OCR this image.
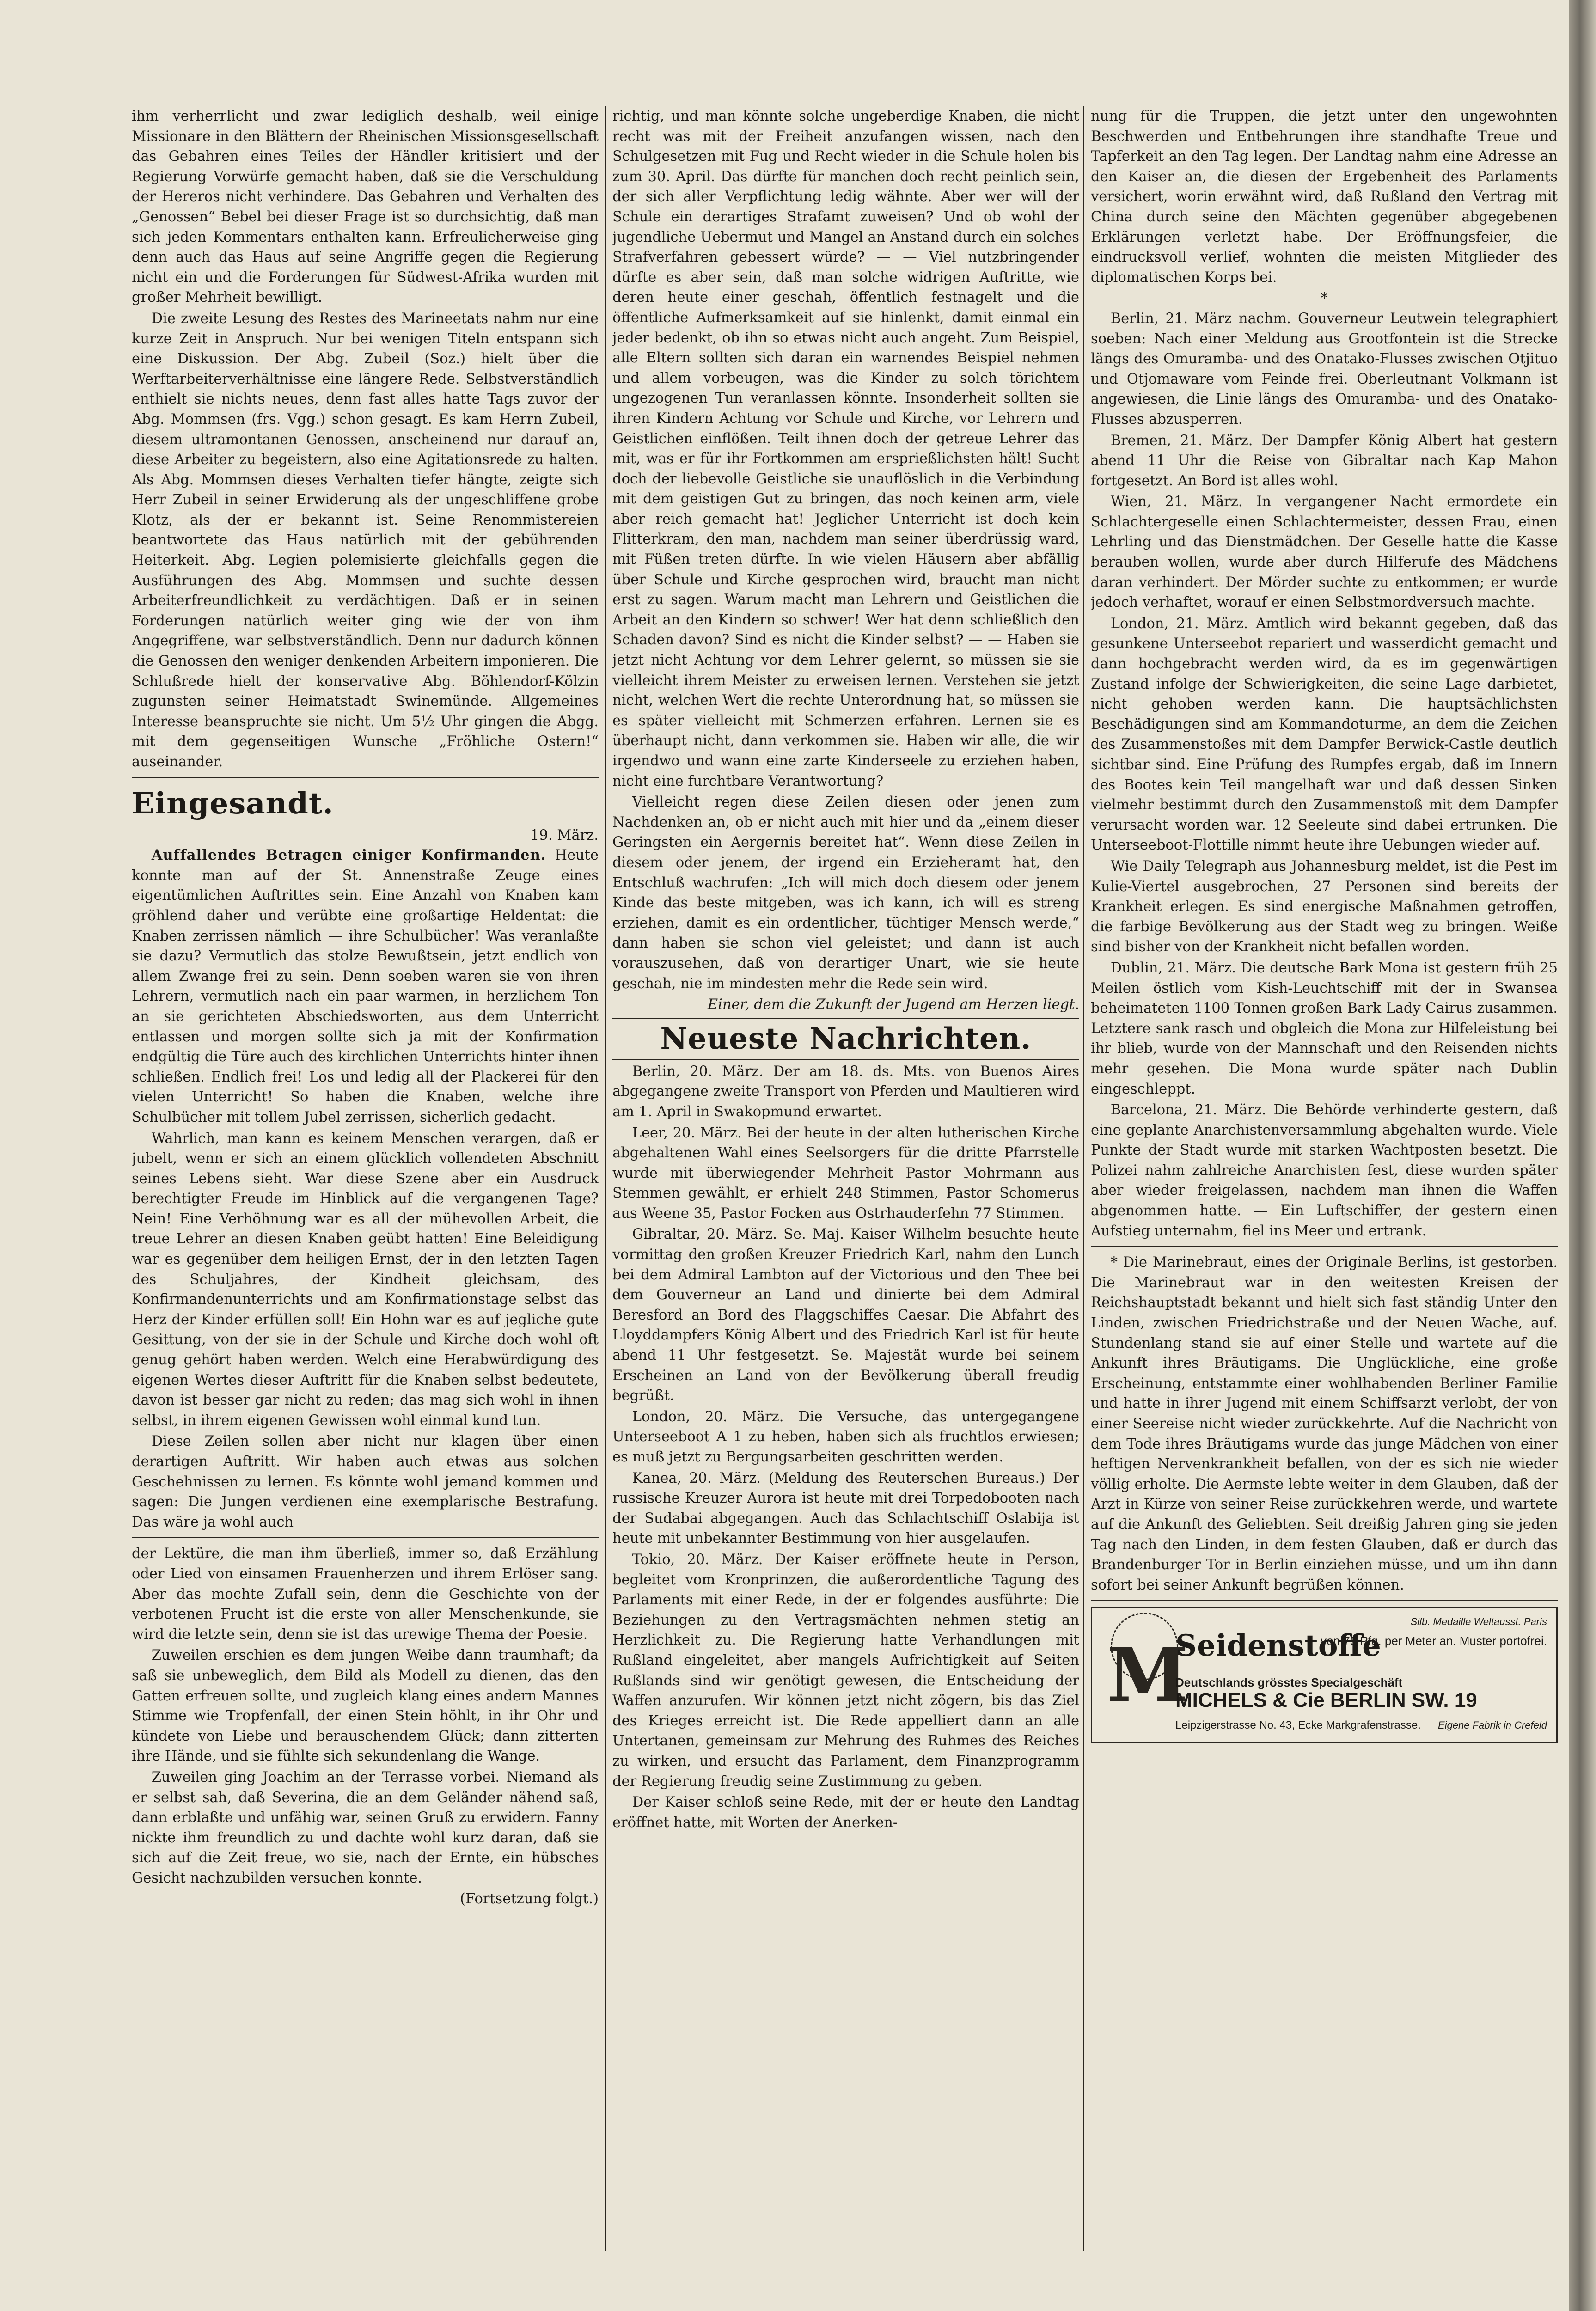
ihm verherrlicht und zwar lediglich deshalb, weil einige Missionare in den Blättern der Rheinischen Missionsgesellschaft das Gebahren eines Teiles der Händler kritisiert und der Regierung Vorwürfe gemacht haben, daß sie die Verschuldung der Hereros nicht verhindere. Das Gebahren und Verhalten des „Genossen“ Bebel bei dieser Frage ist so durchsichtig, daß man sich jeden Kommentars enthalten kann. Erfreulicherweise ging denn auch das Haus auf seine Angriffe gegen die Regierung nicht ein und die Forderungen für Südwest-Afrika wurden mit großer Mehrheit bewilligt.

Die zweite Lesung des Restes des Marineetats nahm nur eine kurze Zeit in Anspruch. Nur bei wenigen Titeln entspann sich eine Diskussion. Der Abg. Zubeil (Soz.) hielt über die Werftarbeiterverhältnisse eine längere Rede. Selbstverständlich enthielt sie nichts neues, denn fast alles hatte Tags zuvor der Abg. Mommsen (frs. Vgg.) schon gesagt. Es kam Herrn Zubeil, diesem ultramontanen Genossen, anscheinend nur darauf an, diese Arbeiter zu begeistern, also eine Agitationsrede zu halten. Als Abg. Mommsen dieses Verhalten tiefer hängte, zeigte sich Herr Zubeil in seiner Erwiderung als der ungeschliffene grobe Klotz, als der er bekannt ist. Seine Renommistereien beantwortete das Haus natürlich mit der gebührenden Heiterkeit. Abg. Legien polemisierte gleichfalls gegen die Ausführungen des Abg. Mommsen und suchte dessen Arbeiterfreundlichkeit zu verdächtigen. Daß er in seinen Forderungen natürlich weiter ging wie der von ihm Angegriffene, war selbstverständlich. Denn nur dadurch können die Genossen den weniger denkenden Arbeitern imponieren. Die Schlußrede hielt der konservative Abg. Böhlendorf-Kölzin zugunsten seiner Heimatstadt Swinemünde. Allgemeines Interesse beanspruchte sie nicht. Um 5½ Uhr gingen die Abgg. mit dem gegenseitigen Wunsche „Fröhliche Ostern!“ auseinander.

Eingesandt.
19. März.

Auffallendes Betragen einiger Konfirmanden. Heute konnte man auf der St. Annenstraße Zeuge eines eigentümlichen Auftrittes sein. Eine Anzahl von Knaben kam gröhlend daher und verübte eine großartige Heldentat: die Knaben zerrissen nämlich — ihre Schulbücher! Was veranlaßte sie dazu? Vermutlich das stolze Bewußtsein, jetzt endlich von allem Zwange frei zu sein. Denn soeben waren sie von ihren Lehrern, vermutlich nach ein paar warmen, in herzlichem Ton an sie gerichteten Abschiedsworten, aus dem Unterricht entlassen und morgen sollte sich ja mit der Konfirmation endgültig die Türe auch des kirchlichen Unterrichts hinter ihnen schließen. Endlich frei! Los und ledig all der Plackerei für den vielen Unterricht! So haben die Knaben, welche ihre Schulbücher mit tollem Jubel zerrissen, sicherlich gedacht.

Wahrlich, man kann es keinem Menschen verargen, daß er jubelt, wenn er sich an einem glücklich vollendeten Abschnitt seines Lebens sieht. War diese Szene aber ein Ausdruck berechtigter Freude im Hinblick auf die vergangenen Tage? Nein! Eine Verhöhnung war es all der mühevollen Arbeit, die treue Lehrer an diesen Knaben geübt hatten! Eine Beleidigung war es gegenüber dem heiligen Ernst, der in den letzten Tagen des Schuljahres, der Kindheit gleichsam, des Konfirmandenunterrichts und am Konfirmationstage selbst das Herz der Kinder erfüllen soll! Ein Hohn war es auf jegliche gute Gesittung, von der sie in der Schule und Kirche doch wohl oft genug gehört haben werden. Welch eine Herabwürdigung des eigenen Wertes dieser Auftritt für die Knaben selbst bedeutete, davon ist besser gar nicht zu reden; das mag sich wohl in ihnen selbst, in ihrem eigenen Gewissen wohl einmal kund tun.

Diese Zeilen sollen aber nicht nur klagen über einen derartigen Auftritt. Wir haben auch etwas aus solchen Geschehnissen zu lernen. Es könnte wohl jemand kommen und sagen: Die Jungen verdienen eine exemplarische Bestrafung. Das wäre ja wohl auch

der Lektüre, die man ihm überließ, immer so, daß Erzählung oder Lied von einsamen Frauenherzen und ihrem Erlöser sang. Aber das mochte Zufall sein, denn die Geschichte von der verbotenen Frucht ist die erste von aller Menschenkunde, sie wird die letzte sein, denn sie ist das urewige Thema der Poesie.

Zuweilen erschien es dem jungen Weibe dann traumhaft; da saß sie unbeweglich, dem Bild als Modell zu dienen, das den Gatten erfreuen sollte, und zugleich klang eines andern Mannes Stimme wie Tropfenfall, der einen Stein höhlt, in ihr Ohr und kündete von Liebe und berauschendem Glück; dann zitterten ihre Hände, und sie fühlte sich sekundenlang die Wange.

Zuweilen ging Joachim an der Terrasse vorbei. Niemand als er selbst sah, daß Severina, die an dem Geländer nähend saß, dann erblaßte und unfähig war, seinen Gruß zu erwidern. Fanny nickte ihm freundlich zu und dachte wohl kurz daran, daß sie sich auf die Zeit freue, wo sie, nach der Ernte, ein hübsches Gesicht nachzubilden versuchen konnte.

(Fortsetzung folgt.)

richtig, und man könnte solche ungeberdige Knaben, die nicht recht was mit der Freiheit anzufangen wissen, nach den Schulgesetzen mit Fug und Recht wieder in die Schule holen bis zum 30. April. Das dürfte für manchen doch recht peinlich sein, der sich aller Verpflichtung ledig wähnte. Aber wer will der Schule ein derartiges Strafamt zuweisen? Und ob wohl der jugendliche Uebermut und Mangel an Anstand durch ein solches Strafverfahren gebessert würde? — — Viel nutzbringender dürfte es aber sein, daß man solche widrigen Auftritte, wie deren heute einer geschah, öffentlich festnagelt und die öffentliche Aufmerksamkeit auf sie hinlenkt, damit einmal ein jeder bedenkt, ob ihn so etwas nicht auch angeht. Zum Beispiel, alle Eltern sollten sich daran ein warnendes Beispiel nehmen und allem vorbeugen, was die Kinder zu solch törichtem ungezogenen Tun veranlassen könnte. Insonderheit sollten sie ihren Kindern Achtung vor Schule und Kirche, vor Lehrern und Geistlichen einflößen. Teilt ihnen doch der getreue Lehrer das mit, was er für ihr Fortkommen am ersprießlichsten hält! Sucht doch der liebevolle Geistliche sie unauflöslich in die Verbindung mit dem geistigen Gut zu bringen, das noch keinen arm, viele aber reich gemacht hat! Jeglicher Unterricht ist doch kein Flitterkram, den man, nachdem man seiner überdrüssig ward, mit Füßen treten dürfte. In wie vielen Häusern aber abfällig über Schule und Kirche gesprochen wird, braucht man nicht erst zu sagen. Warum macht man Lehrern und Geistlichen die Arbeit an den Kindern so schwer! Wer hat denn schließlich den Schaden davon? Sind es nicht die Kinder selbst? — — Haben sie jetzt nicht Achtung vor dem Lehrer gelernt, so müssen sie sie vielleicht ihrem Meister zu erweisen lernen. Verstehen sie jetzt nicht, welchen Wert die rechte Unterordnung hat, so müssen sie es später vielleicht mit Schmerzen erfahren. Lernen sie es überhaupt nicht, dann verkommen sie. Haben wir alle, die wir irgendwo und wann eine zarte Kinderseele zu erziehen haben, nicht eine furchtbare Verantwortung?

Vielleicht regen diese Zeilen diesen oder jenen zum Nachdenken an, ob er nicht auch mit hier und da „einem dieser Geringsten ein Aergernis bereitet hat“. Wenn diese Zeilen in diesem oder jenem, der irgend ein Erzieheramt hat, den Entschluß wachrufen: „Ich will mich doch diesem oder jenem Kinde das beste mitgeben, was ich kann, ich will es streng erziehen, damit es ein ordentlicher, tüchtiger Mensch werde,“ dann haben sie schon viel geleistet; und dann ist auch vorauszusehen, daß von derartiger Unart, wie sie heute geschah, nie im mindesten mehr die Rede sein wird.

Einer, dem die Zukunft der Jugend am Herzen liegt.
Neueste Nachrichten.

Berlin, 20. März. Der am 18. ds. Mts. von Buenos Aires abgegangene zweite Transport von Pferden und Maultieren wird am 1. April in Swakopmund erwartet.

Leer, 20. März. Bei der heute in der alten lutherischen Kirche abgehaltenen Wahl eines Seelsorgers für die dritte Pfarrstelle wurde mit überwiegender Mehrheit Pastor Mohrmann aus Stemmen gewählt, er erhielt 248 Stimmen, Pastor Schomerus aus Weene 35, Pastor Focken aus Ostrhauderfehn 77 Stimmen.

Gibraltar, 20. März. Se. Maj. Kaiser Wilhelm besuchte heute vormittag den großen Kreuzer Friedrich Karl, nahm den Lunch bei dem Admiral Lambton auf der Victorious und den Thee bei dem Gouverneur an Land und dinierte bei dem Admiral Beresford an Bord des Flaggschiffes Caesar. Die Abfahrt des Lloyddampfers König Albert und des Friedrich Karl ist für heute abend 11 Uhr festgesetzt. Se. Majestät wurde bei seinem Erscheinen an Land von der Bevölkerung überall freudig begrüßt.

London, 20. März. Die Versuche, das untergegangene Unterseeboot A 1 zu heben, haben sich als fruchtlos erwiesen; es muß jetzt zu Bergungsarbeiten geschritten werden.

Kanea, 20. März. (Meldung des Reuterschen Bureaus.) Der russische Kreuzer Aurora ist heute mit drei Torpedobooten nach der Sudabai abgegangen. Auch das Schlachtschiff Oslabija ist heute mit unbekannter Bestimmung von hier ausgelaufen.

Tokio, 20. März. Der Kaiser eröffnete heute in Person, begleitet vom Kronprinzen, die außerordentliche Tagung des Parlaments mit einer Rede, in der er folgendes ausführte: Die Beziehungen zu den Vertragsmächten nehmen stetig an Herzlichkeit zu. Die Regierung hatte Verhandlungen mit Rußland eingeleitet, aber mangels Aufrichtigkeit auf Seiten Rußlands sind wir genötigt gewesen, die Entscheidung der Waffen anzurufen. Wir können jetzt nicht zögern, bis das Ziel des Krieges erreicht ist. Die Rede appelliert dann an alle Untertanen, gemeinsam zur Mehrung des Ruhmes des Reiches zu wirken, und ersucht das Parlament, dem Finanzprogramm der Regierung freudig seine Zustimmung zu geben.

Der Kaiser schloß seine Rede, mit der er heute den Landtag eröffnet hatte, mit Worten der Anerken-

nung für die Truppen, die jetzt unter den ungewohnten Beschwerden und Entbehrungen ihre standhafte Treue und Tapferkeit an den Tag legen. Der Landtag nahm eine Adresse an den Kaiser an, die diesen der Ergebenheit des Parlaments versichert, worin erwähnt wird, daß Rußland den Vertrag mit China durch seine den Mächten gegenüber abgegebenen Erklärungen verletzt habe. Der Eröffnungsfeier, die eindrucksvoll verlief, wohnten die meisten Mitglieder des diplomatischen Korps bei.

*

Berlin, 21. März nachm. Gouverneur Leutwein telegraphiert soeben: Nach einer Meldung aus Grootfontein ist die Strecke längs des Omuramba- und des Onatako-Flusses zwischen Otjituo und Otjomaware vom Feinde frei. Oberleutnant Volkmann ist angewiesen, die Linie längs des Omuramba- und des Onatako-Flusses abzusperren.

Bremen, 21. März. Der Dampfer König Albert hat gestern abend 11 Uhr die Reise von Gibraltar nach Kap Mahon fortgesetzt. An Bord ist alles wohl.

Wien, 21. März. In vergangener Nacht ermordete ein Schlachtergeselle einen Schlachtermeister, dessen Frau, einen Lehrling und das Dienstmädchen. Der Geselle hatte die Kasse berauben wollen, wurde aber durch Hilferufe des Mädchens daran verhindert. Der Mörder suchte zu entkommen; er wurde jedoch verhaftet, worauf er einen Selbstmordversuch machte.

London, 21. März. Amtlich wird bekannt gegeben, daß das gesunkene Unterseebot repariert und wasserdicht gemacht und dann hochgebracht werden wird, da es im gegenwärtigen Zustand infolge der Schwierigkeiten, die seine Lage darbietet, nicht gehoben werden kann. Die hauptsächlichsten Beschädigungen sind am Kommandoturme, an dem die Zeichen des Zusammenstoßes mit dem Dampfer Berwick-Castle deutlich sichtbar sind. Eine Prüfung des Rumpfes ergab, daß im Innern des Bootes kein Teil mangelhaft war und daß dessen Sinken vielmehr bestimmt durch den Zusammenstoß mit dem Dampfer verursacht worden war. 12 Seeleute sind dabei ertrunken. Die Unterseeboot-Flottille nimmt heute ihre Uebungen wieder auf.

Wie Daily Telegraph aus Johannesburg meldet, ist die Pest im Kulie-Viertel ausgebrochen, 27 Personen sind bereits der Krankheit erlegen. Es sind energische Maßnahmen getroffen, die farbige Bevölkerung aus der Stadt weg zu bringen. Weiße sind bisher von der Krankheit nicht befallen worden.

Dublin, 21. März. Die deutsche Bark Mona ist gestern früh 25 Meilen östlich vom Kish-Leuchtschiff mit der in Swansea beheimateten 1100 Tonnen großen Bark Lady Cairus zusammen. Letztere sank rasch und obgleich die Mona zur Hilfeleistung bei ihr blieb, wurde von der Mannschaft und den Reisenden nichts mehr gesehen. Die Mona wurde später nach Dublin eingeschleppt.

Barcelona, 21. März. Die Behörde verhinderte gestern, daß eine geplante Anarchistenversammlung abgehalten wurde. Viele Punkte der Stadt wurde mit starken Wachtposten besetzt. Die Polizei nahm zahlreiche Anarchisten fest, diese wurden später aber wieder freigelassen, nachdem man ihnen die Waffen abgenommen hatte. — Ein Luftschiffer, der gestern einen Aufstieg unternahm, fiel ins Meer und ertrank.

* Die Marinebraut, eines der Originale Berlins, ist gestorben. Die Marinebraut war in den weitesten Kreisen der Reichshauptstadt bekannt und hielt sich fast ständig Unter den Linden, zwischen Friedrichstraße und der Neuen Wache, auf. Stundenlang stand sie auf einer Stelle und wartete auf die Ankunft ihres Bräutigams. Die Unglückliche, eine große Erscheinung, entstammte einer wohlhabenden Berliner Familie und hatte in ihrer Jugend mit einem Schiffsarzt verlobt, der von einer Seereise nicht wieder zurückkehrte. Auf die Nachricht von dem Tode ihres Bräutigams wurde das junge Mädchen von einer heftigen Nervenkrankheit befallen, von der es sich nie wieder völlig erholte. Die Aermste lebte weiter in dem Glauben, daß der Arzt in Kürze von seiner Reise zurückkehren werde, und wartete auf die Ankunft des Geliebten. Seit dreißig Jahren ging sie jeden Tag nach den Linden, in dem festen Glauben, daß er durch das Brandenburger Tor in Berlin einziehen müsse, und um ihn dann sofort bei seiner Ankunft begrüßen können.

M
Seidenstoffe
Deutschlands grösstes Specialgeschäft
MICHELS & Cie BERLIN SW. 19
Leipzigerstrasse No. 43, Ecke Markgrafenstrasse.
Silb. Medaille Weltausst. Paris
von 75 Pfg. per Meter an. Muster portofrei.
Eigene Fabrik in Crefeld
